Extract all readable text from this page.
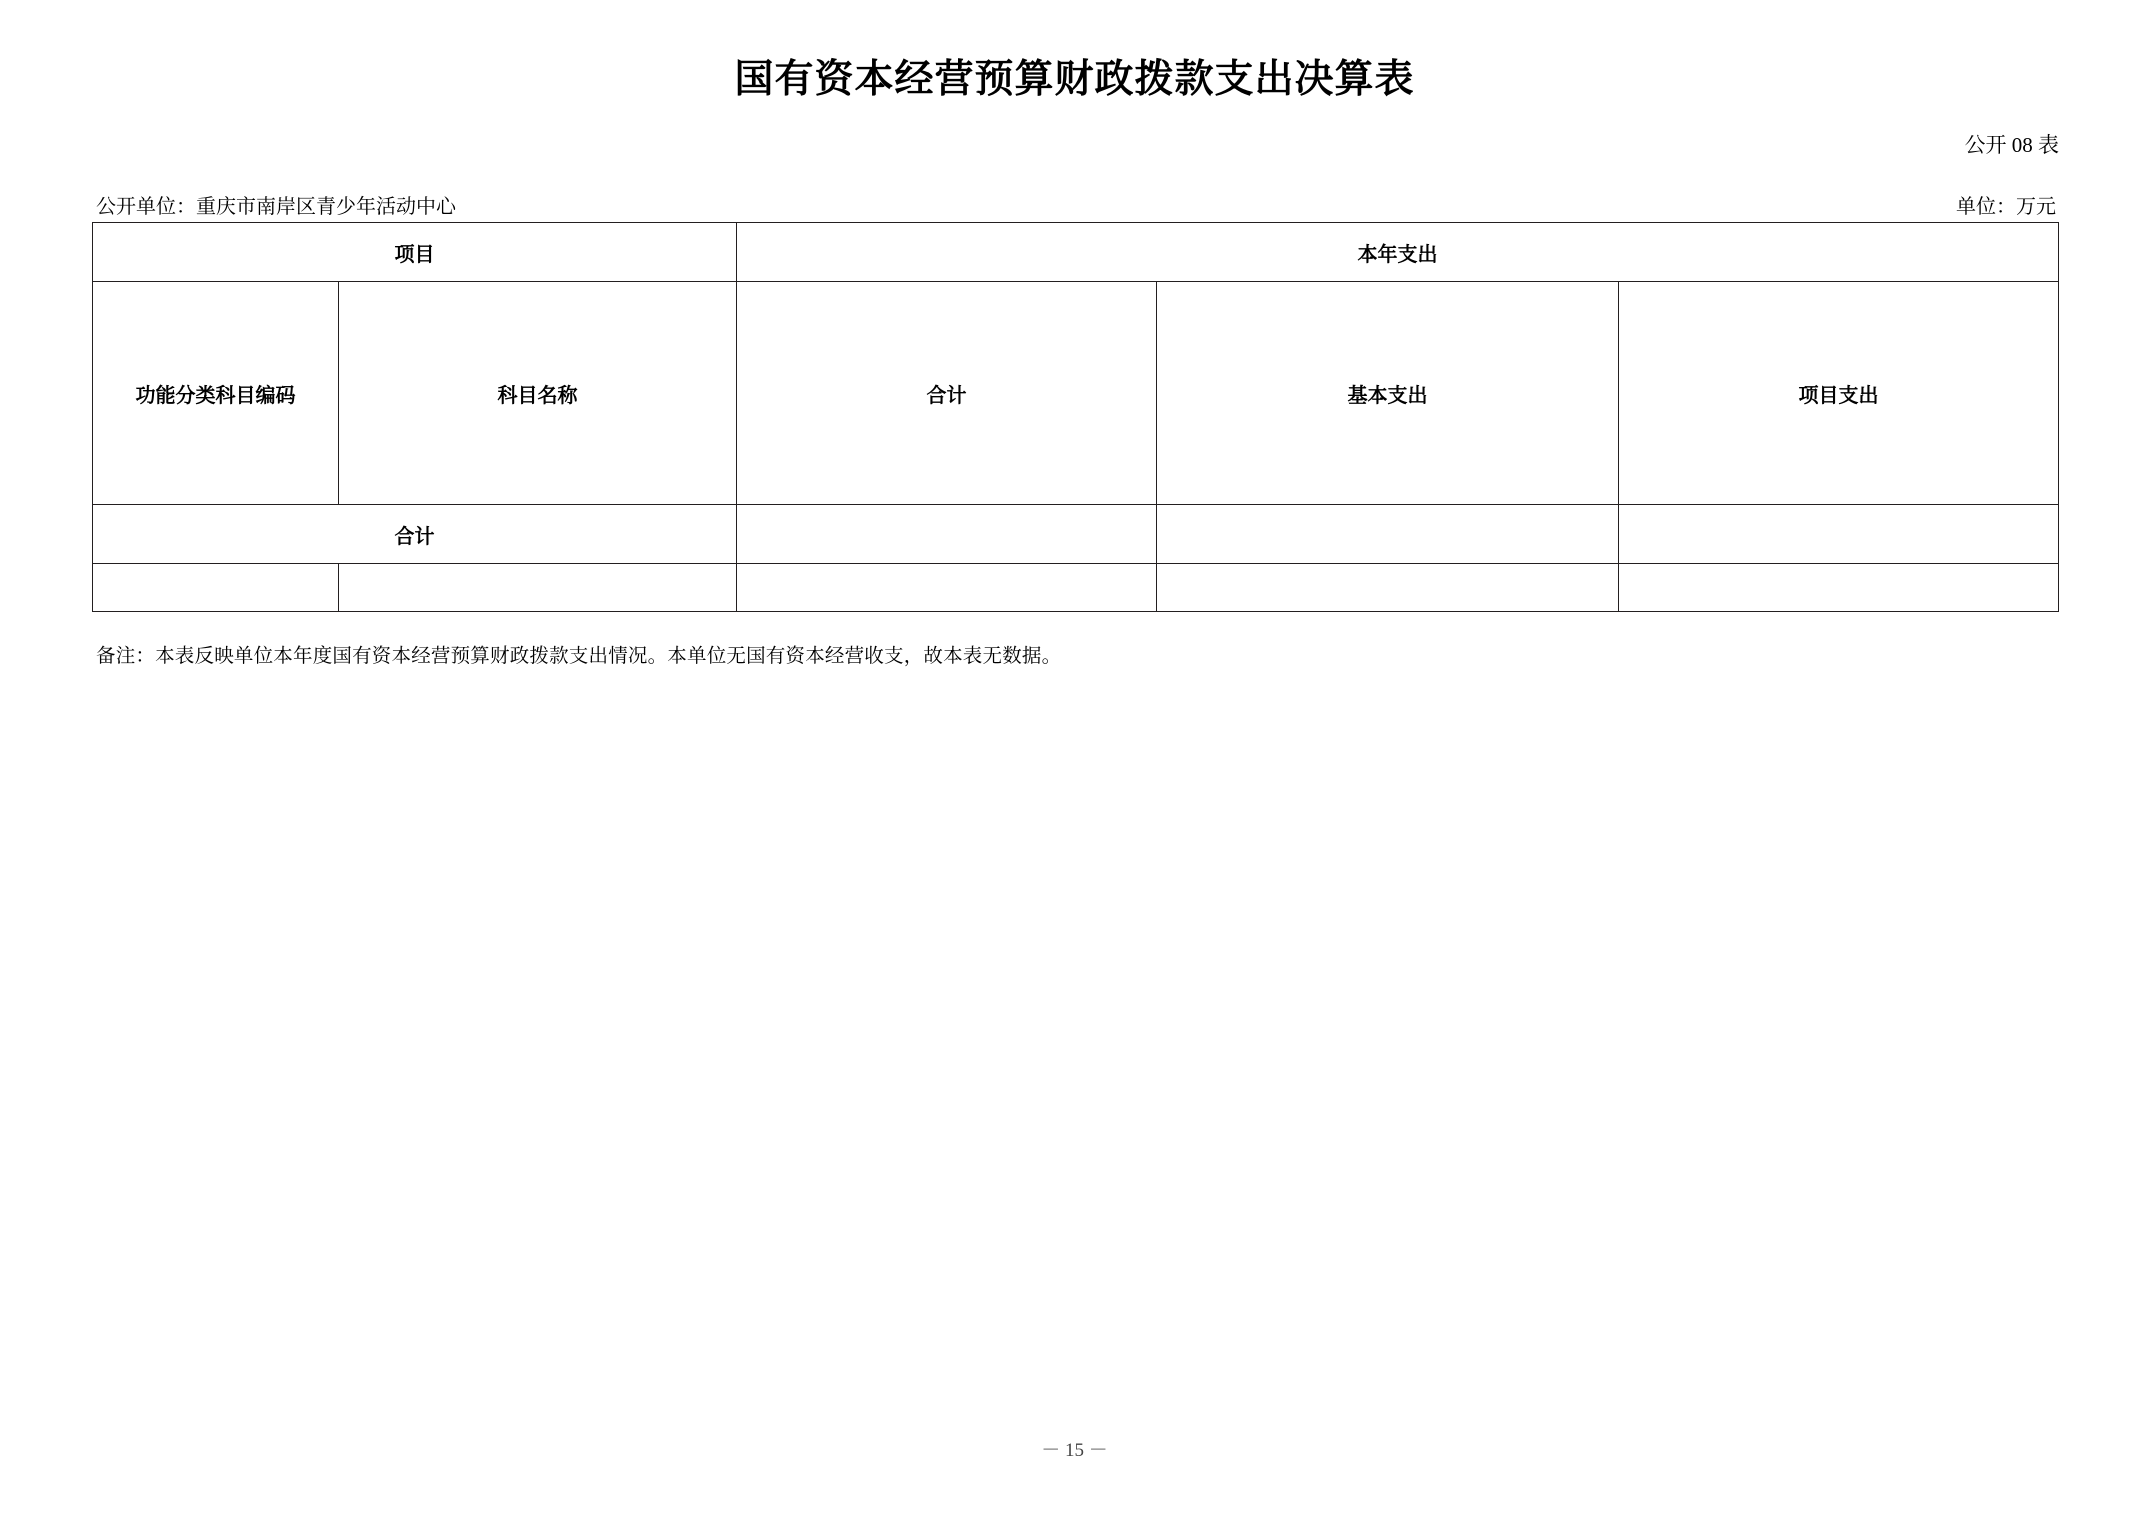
国有资本经营预算财政拨款支出决算表
公开 08 表
公开单位：重庆市南岸区青少年活动中心	单位：万元
项目		本年支出		
功能分类科目编码	科目名称	合计	基本支出	项目支出
合计				

备注：本表反映单位本年度国有资本经营预算财政拨款支出情况。本单位无国有资本经营收支，故本表无数据。
－ 15 －
